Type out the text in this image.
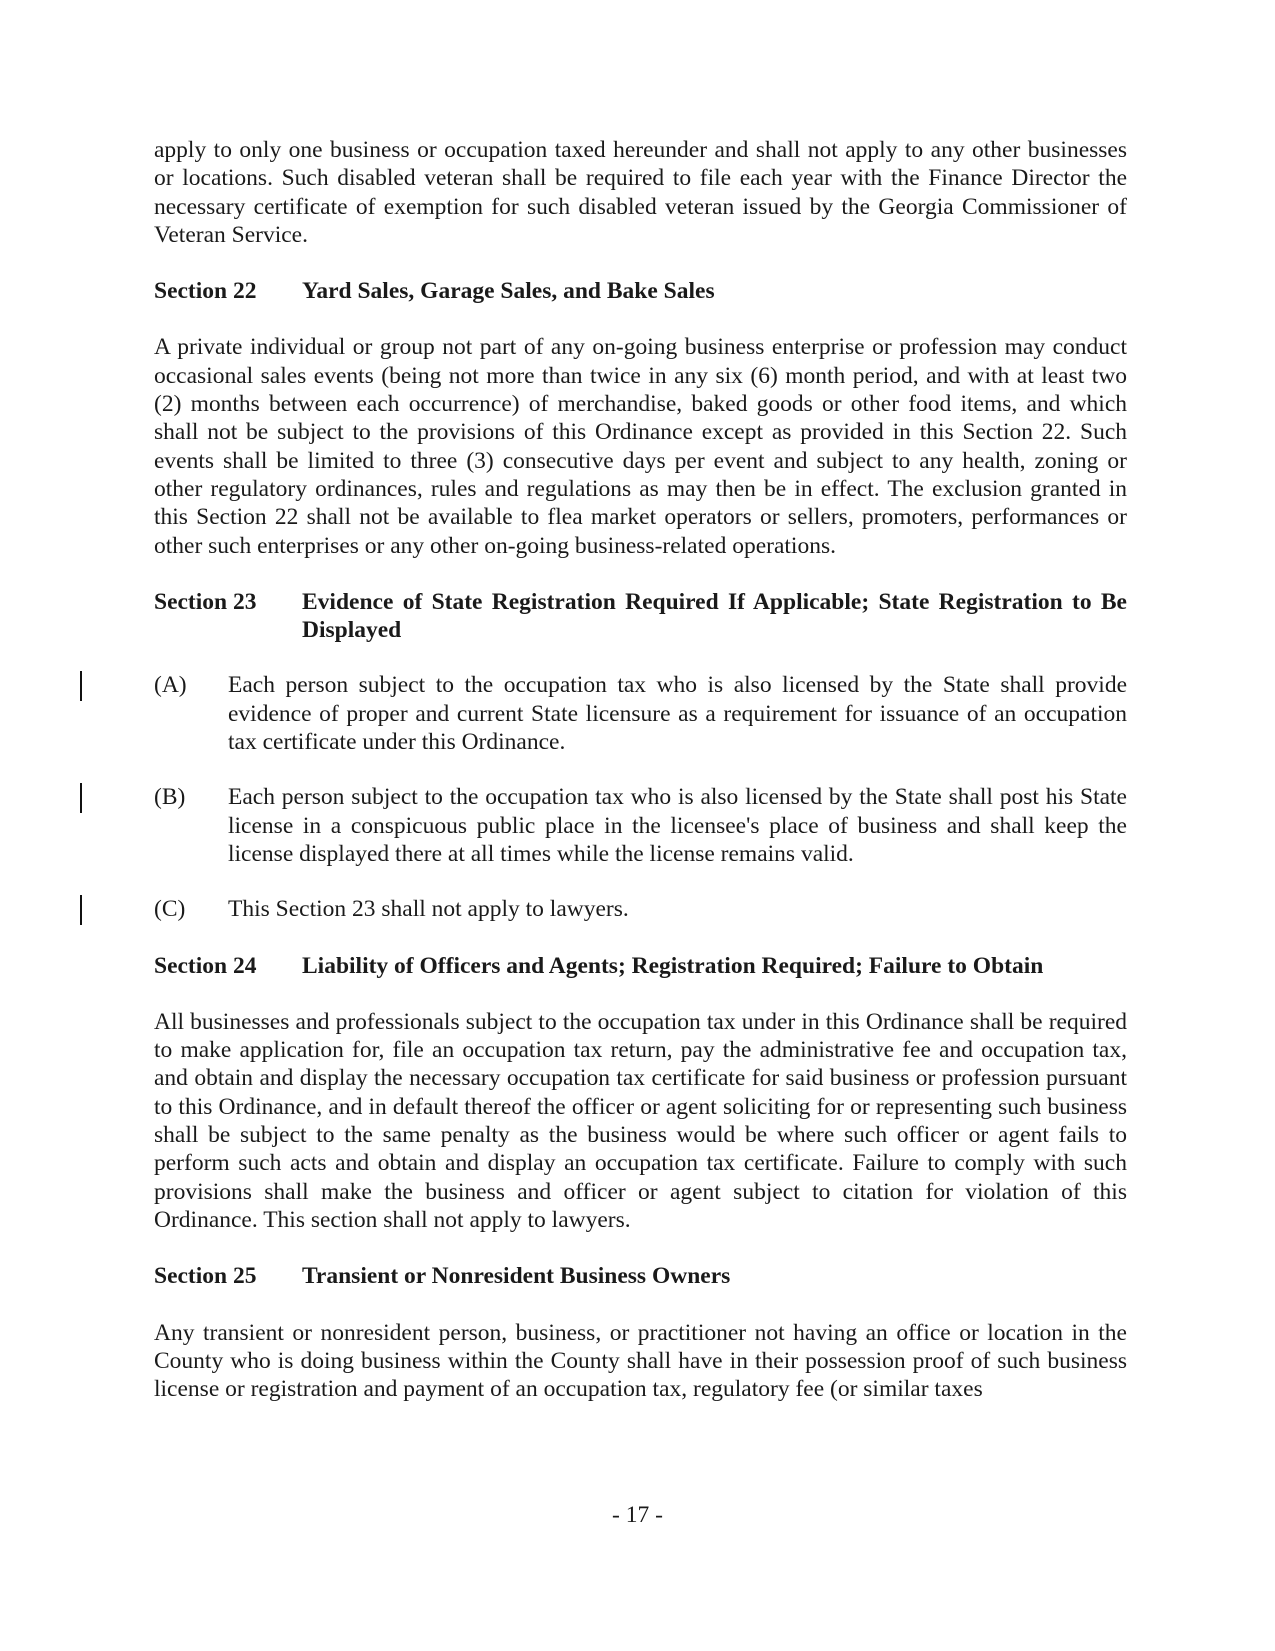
apply to only one business or occupation taxed hereunder and shall not apply to any other businesses or locations. Such disabled veteran shall be required to file each year with the Finance Director the necessary certificate of exemption for such disabled veteran issued by the Georgia Commissioner of Veteran Service.

Section 22	Yard Sales, Garage Sales, and Bake Sales

A private individual or group not part of any on-going business enterprise or profession may conduct occasional sales events (being not more than twice in any six (6) month period, and with at least two (2) months between each occurrence) of merchandise, baked goods or other food items, and which shall not be subject to the provisions of this Ordinance except as provided in this Section 22. Such events shall be limited to three (3) consecutive days per event and subject to any health, zoning or other regulatory ordinances, rules and regulations as may then be in effect. The exclusion granted in this Section 22 shall not be available to flea market operators or sellers, promoters, performances or other such enterprises or any other on-going business-related operations.

Section 23	Evidence of State Registration Required If Applicable; State Registration to Be Displayed
(A)	Each person subject to the occupation tax who is also licensed by the State shall provide evidence of proper and current State licensure as a requirement for issuance of an occupation tax certificate under this Ordinance.
(B)	Each person subject to the occupation tax who is also licensed by the State shall post his State license in a conspicuous public place in the licensee's place of business and shall keep the license displayed there at all times while the license remains valid.
(C)	This Section 23 shall not apply to lawyers.
Section 24	Liability of Officers and Agents; Registration Required; Failure to Obtain

All businesses and professionals subject to the occupation tax under in this Ordinance shall be required to make application for, file an occupation tax return, pay the administrative fee and occupation tax, and obtain and display the necessary occupation tax certificate for said business or profession pursuant to this Ordinance, and in default thereof the officer or agent soliciting for or representing such business shall be subject to the same penalty as the business would be where such officer or agent fails to perform such acts and obtain and display an occupation tax certificate. Failure to comply with such provisions shall make the business and officer or agent subject to citation for violation of this Ordinance. This section shall not apply to lawyers.

Section 25	Transient or Nonresident Business Owners

Any transient or nonresident person, business, or practitioner not having an office or location in the County who is doing business within the County shall have in their possession proof of such business license or registration and payment of an occupation tax, regulatory fee (or similar taxes

- 17 -
